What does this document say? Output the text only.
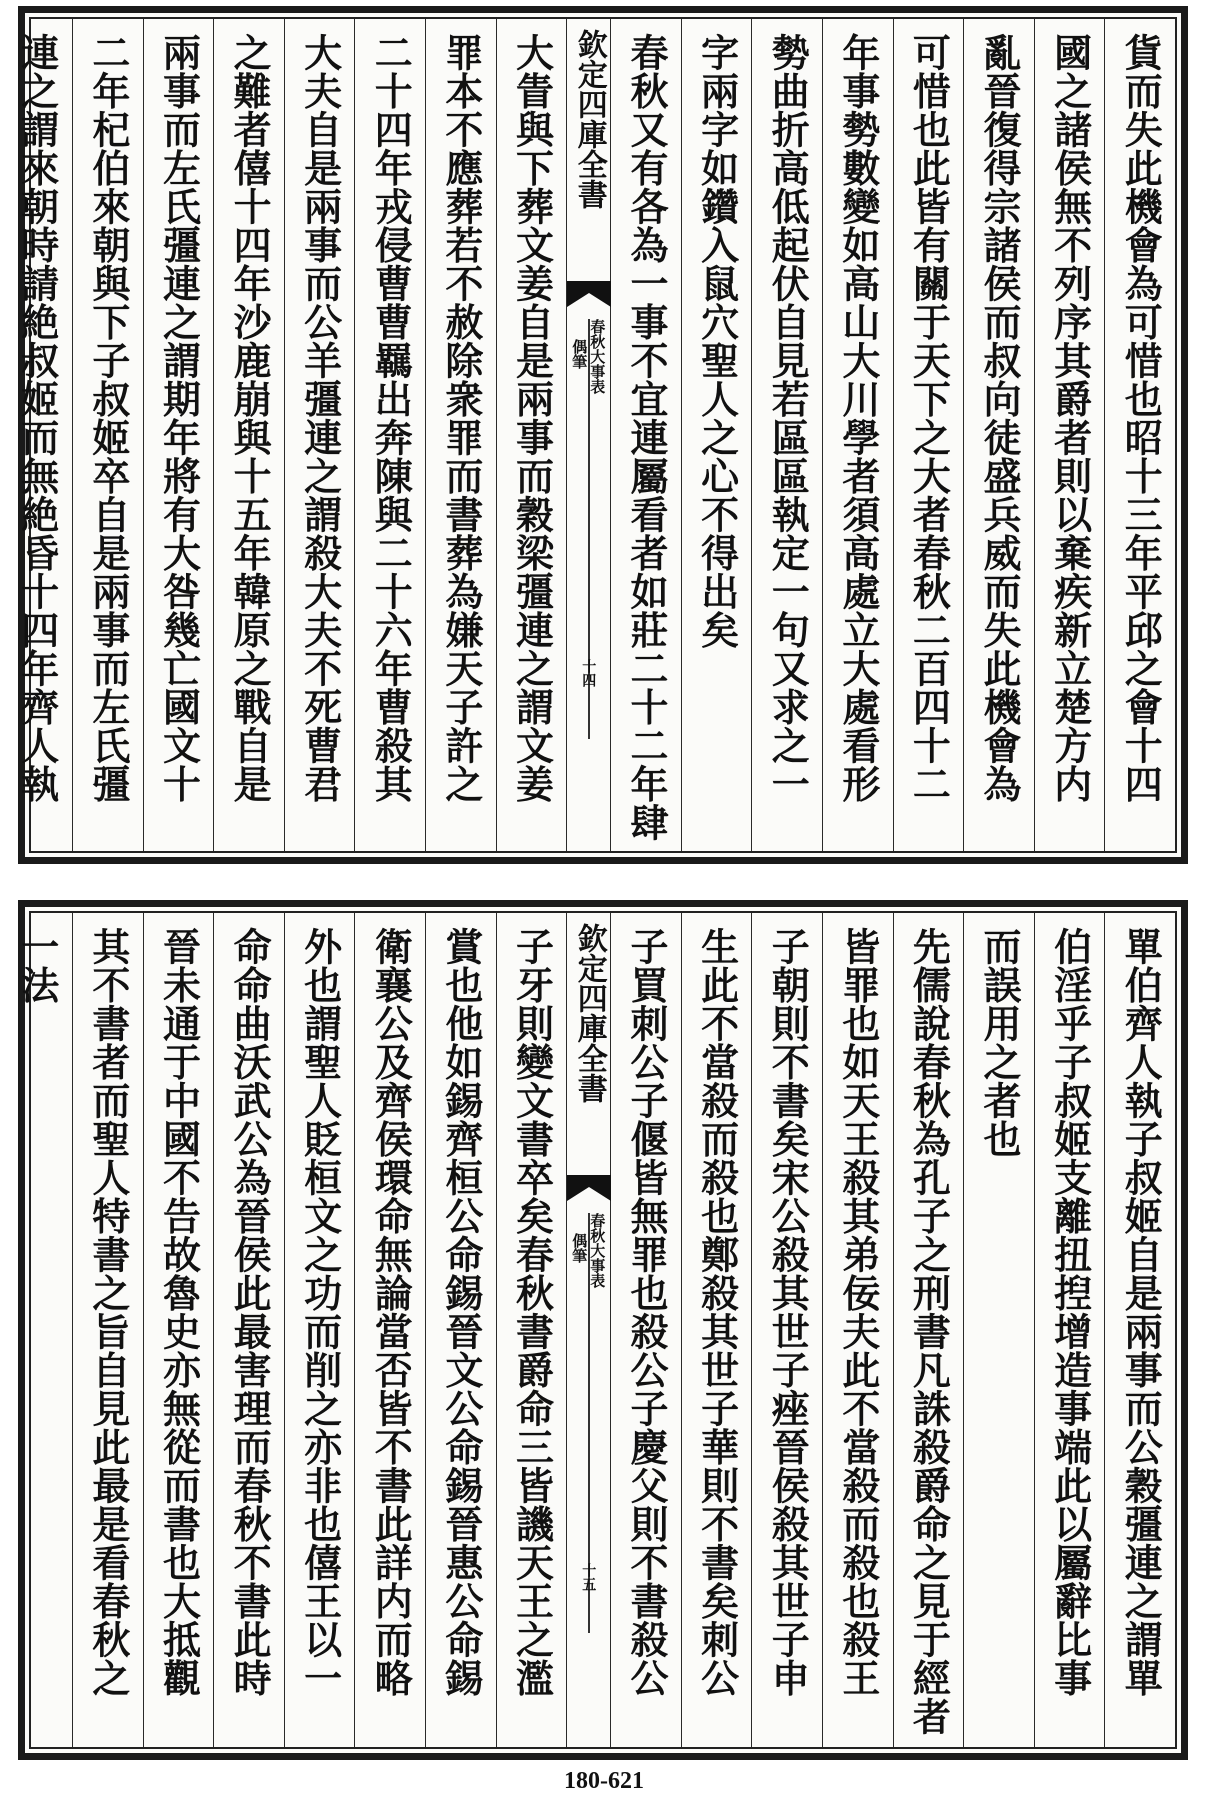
貨而失此機會為可惜也昭十三年平邱之會十四
國之諸侯無不列序其爵者則以棄疾新立楚方内
亂晉復得宗諸侯而叔向徒盛兵威而失此機會為
可惜也此皆有關于天下之大者春秋二百四十二
年事勢數變如高山大川學者須高處立大處看形
勢曲折高低起伏自見若區區執定一句又求之一
字兩字如鑽入鼠穴聖人之心不得出矣
春秋又有各為一事不宜連屬看者如莊二十二年肆
欽定四庫全書
春秋大事表
偶筆
十四
大眚與下葬文姜自是兩事而穀梁彊連之謂文姜
罪本不應葬若不赦除衆罪而書葬為嫌天子許之
二十四年戎侵曹曹羈出奔陳與二十六年曹殺其
大夫自是兩事而公羊彊連之謂殺大夫不死曹君
之難者僖十四年沙鹿崩與十五年韓原之戰自是
兩事而左氏彊連之謂期年將有大咎幾亡國文十
二年杞伯來朝與下子叔姬卒自是兩事而左氏彊
連之謂來朝時請絶叔姬而無絶昏十四年齊人執
單伯齊人執子叔姬自是兩事而公穀彊連之謂單
伯淫乎子叔姬支離扭揑增造事端此以屬辭比事
而誤用之者也
先儒說春秋為孔子之刑書凡誅殺爵命之見于經者
皆罪也如天王殺其弟佞夫此不當殺而殺也殺王
子朝則不書矣宋公殺其世子痤晉侯殺其世子申
生此不當殺而殺也鄭殺其世子華則不書矣刺公
子買刺公子偃皆無罪也殺公子慶父則不書殺公
欽定四庫全書
春秋大事表
偶筆
十五
子牙則變文書卒矣春秋書爵命三皆譏天王之濫
賞也他如錫齊桓公命錫晉文公命錫晉惠公命錫
衛襄公及齊侯環命無論當否皆不書此詳内而略
外也謂聖人貶桓文之功而削之亦非也僖王以一
命命曲沃武公為晉侯此最害理而春秋不書此時
晉未通于中國不告故魯史亦無從而書也大抵觀
其不書者而聖人特書之旨自見此最是看春秋之
一法
180-621
